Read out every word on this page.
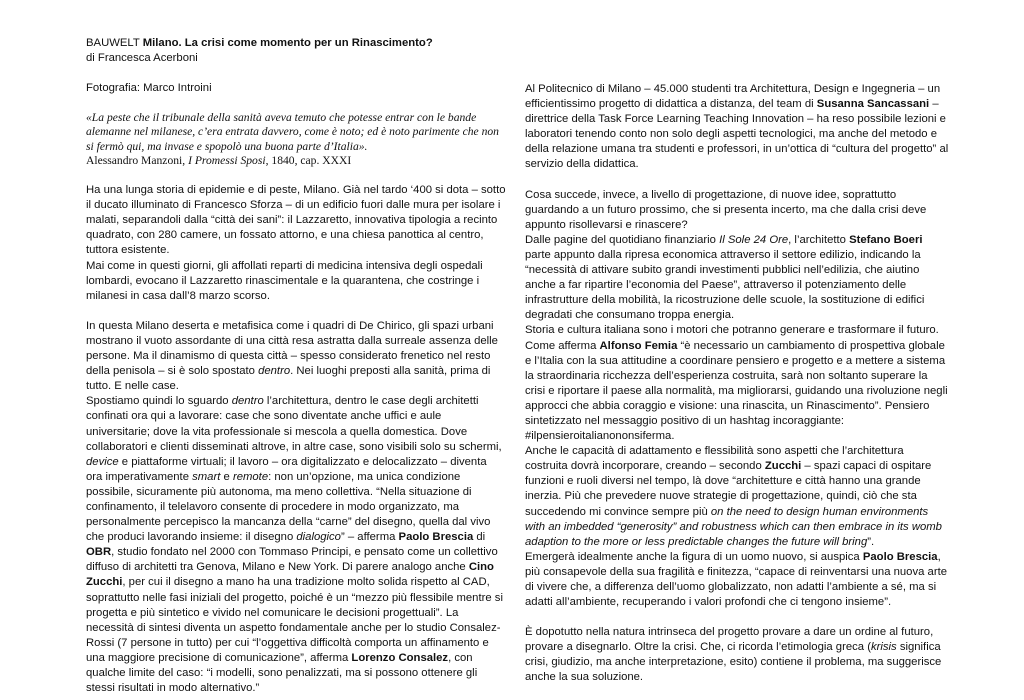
BAUWELT Milano. La crisi come momento per un Rinascimento?

di Francesca Acerboni

Fotografia: Marco Introini

«La peste che il tribunale della sanità aveva temuto che potesse entrar con le bande alemanne nel milanese, c’era entrata davvero, come è noto; ed è noto parimente che non si fermò qui, ma invase e spopolò una buona parte d’Italia».

Alessandro Manzoni, I Promessi Sposi, 1840, cap. XXXI

Ha una lunga storia di epidemie e di peste, Milano. Già nel tardo ‘400 si dota – sotto il ducato illuminato di Francesco Sforza – di un edificio fuori dalle mura per isolare i malati, separandoli dalla “città dei sani”: il Lazzaretto, innovativa tipologia a recinto quadrato, con 280 camere, un fossato attorno, e una chiesa panottica al centro, tuttora esistente.

Mai come in questi giorni, gli affollati reparti di medicina intensiva degli ospedali lombardi, evocano il Lazzaretto rinascimentale e la quarantena, che costringe i milanesi in casa dall’8 marzo scorso.

In questa Milano deserta e metafisica come i quadri di De Chirico, gli spazi urbani mostrano il vuoto assordante di una città resa astratta dalla surreale assenza delle persone. Ma il dinamismo di questa città – spesso considerato frenetico nel resto della penisola – si è solo spostato dentro. Nei luoghi preposti alla sanità, prima di tutto. E nelle case.

Spostiamo quindi lo sguardo dentro l’architettura, dentro le case degli architetti confinati ora qui a lavorare: case che sono diventate anche uffici e aule universitarie; dove la vita professionale si mescola a quella domestica. Dove collaboratori e clienti disseminati altrove, in altre case, sono visibili solo su schermi, device e piattaforme virtuali; il lavoro – ora digitalizzato e delocalizzato – diventa ora imperativamente smart e remote: non un’opzione, ma unica condizione possibile, sicuramente più autonoma, ma meno collettiva. “Nella situazione di confinamento, il telelavoro consente di procedere in modo organizzato, ma personalmente percepisco la mancanza della “carne” del disegno, quella dal vivo che produci lavorando insieme: il disegno dialogico” – afferma Paolo Brescia di OBR, studio fondato nel 2000 con Tommaso Principi, e pensato come un collettivo diffuso di architetti tra Genova, Milano e New York. Di parere analogo anche Cino Zucchi, per cui il disegno a mano ha una tradizione molto solida rispetto al CAD, soprattutto nelle fasi iniziali del progetto, poiché è un “mezzo più flessibile mentre si progetta e più sintetico e vivido nel comunicare le decisioni progettuali”. La necessità di sintesi diventa un aspetto fondamentale anche per lo studio Consalez-Rossi (7 persone in tutto) per cui “l’oggettiva difficoltà comporta un affinamento e una maggiore precisione di comunicazione”, afferma Lorenzo Consalez, con qualche limite del caso: “i modelli, sono penalizzati, ma si possono ottenere gli stessi risultati in modo alternativo.”

Al Politecnico di Milano – 45.000 studenti tra Architettura, Design e Ingegneria – un efficientissimo progetto di didattica a distanza, del team di Susanna Sancassani – direttrice della Task Force Learning Teaching Innovation – ha reso possibile lezioni e laboratori tenendo conto non solo degli aspetti tecnologici, ma anche del metodo e della relazione umana tra studenti e professori, in un’ottica di “cultura del progetto” al servizio della didattica.

Cosa succede, invece, a livello di progettazione, di nuove idee, soprattutto guardando a un futuro prossimo, che si presenta incerto, ma che dalla crisi deve appunto risollevarsi e rinascere?

Dalle pagine del quotidiano finanziario Il Sole 24 Ore, l’architetto Stefano Boeri parte appunto dalla ripresa economica attraverso il settore edilizio, indicando la “necessità di attivare subito grandi investimenti pubblici nell’edilizia, che aiutino anche a far ripartire l’economia del Paese”, attraverso il potenziamento delle infrastrutture della mobilità, la ricostruzione delle scuole, la sostituzione di edifici degradati che consumano troppa energia.

Storia e cultura italiana sono i motori che potranno generare e trasformare il futuro. Come afferma Alfonso Femia “è necessario un cambiamento di prospettiva globale e l’Italia con la sua attitudine a coordinare pensiero e progetto e a mettere a sistema la straordinaria ricchezza dell’esperienza costruita, sarà non soltanto superare la crisi e riportare il paese alla normalità, ma migliorarsi, guidando una rivoluzione negli approcci che abbia coraggio e visione: una rinascita, un Rinascimento”. Pensiero sintetizzato nel messaggio positivo di un hashtag incoraggiante: #ilpensieroitalianononsiferma.

Anche le capacità di adattamento e flessibilità sono aspetti che l’architettura costruita dovrà incorporare, creando – secondo Zucchi – spazi capaci di ospitare funzioni e ruoli diversi nel tempo, là dove “architetture e città hanno una grande inerzia. Più che prevedere nuove strategie di progettazione, quindi, ciò che sta succedendo mi convince sempre più on the need to design human environments with an imbedded “generosity” and robustness which can then embrace in its womb adaption to the more or less predictable changes the future will bring”.

Emergerà idealmente anche la figura di un uomo nuovo, si auspica Paolo Brescia, più consapevole della sua fragilità e finitezza, “capace di reinventarsi una nuova arte di vivere che, a differenza dell’uomo globalizzato, non adatti l’ambiente a sé, ma si adatti all’ambiente, recuperando i valori profondi che ci tengono insieme”.

È dopotutto nella natura intrinseca del progetto provare a dare un ordine al futuro, provare a disegnarlo. Oltre la crisi. Che, ci ricorda l’etimologia greca (krisis significa crisi, giudizio, ma anche interpretazione, esito) contiene il problema, ma suggerisce anche la sua soluzione.
